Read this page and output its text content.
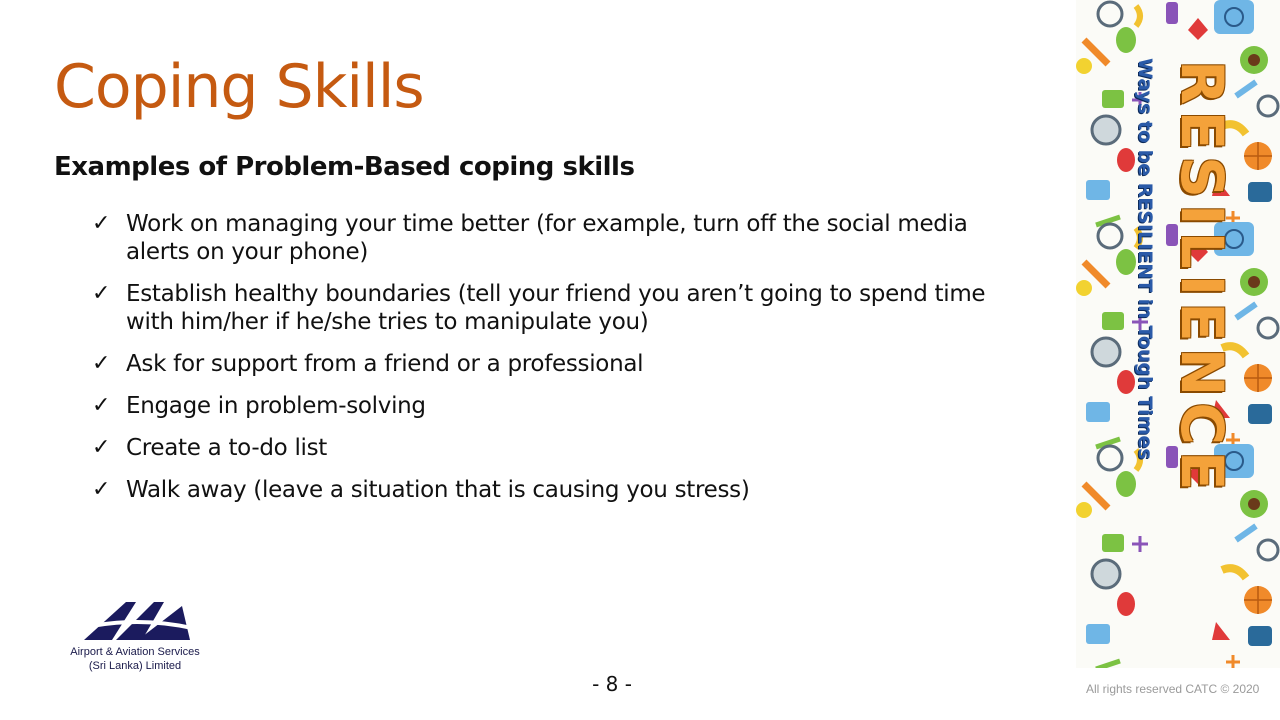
Coping Skills
Examples of Problem-Based coping skills
✓ Work on managing your time better (for example, turn off the social media alerts on your phone)
✓ Establish healthy boundaries (tell your friend you aren’t going to spend time with him/her if he/she tries to manipulate you)
✓ Ask for support from a friend or a professional
✓ Engage in problem-solving
✓ Create a to-do list
✓ Walk away (leave a situation that is causing you stress)	RESILIENCE
Ways to be RESILIENT in Tough Times
Airport & Aviation Services
(Sri Lanka) Limited
- 8 -	All rights reserved CATC © 2020
